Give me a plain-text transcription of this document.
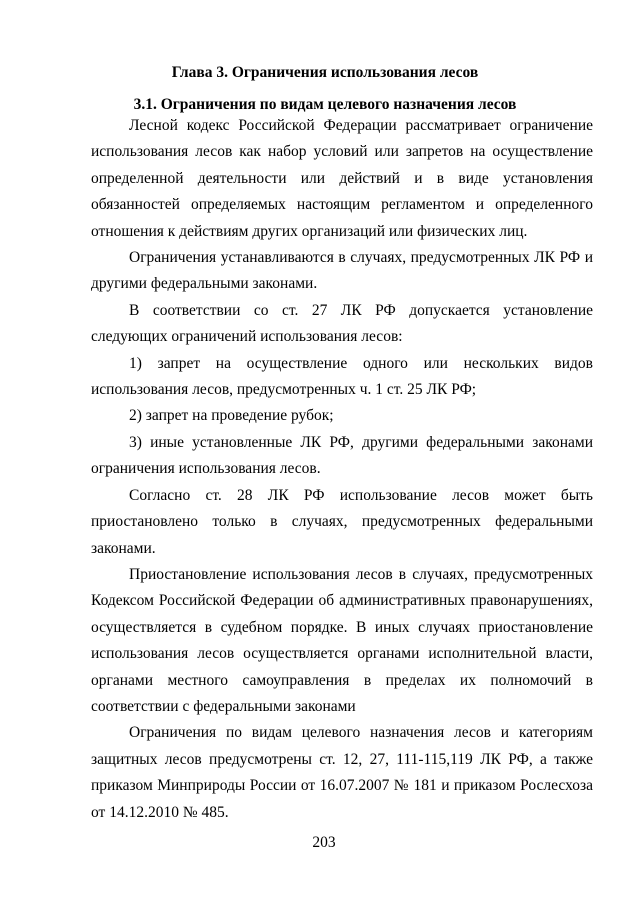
Глава 3. Ограничения использования лесов
3.1. Ограничения по видам целевого назначения лесов

Лесной кодекс Российской Федерации рассматривает ограничение использования лесов как набор условий или запретов на осуществление определенной деятельности или действий и в виде установления обязанностей определяемых настоящим регламентом и определенного отношения к действиям других организаций или физических лиц.

Ограничения устанавливаются в случаях, предусмотренных ЛК РФ и другими федеральными законами.

В соответствии со ст. 27 ЛК РФ допускается установление следующих ограничений использования лесов:

1) запрет на осуществление одного или нескольких видов использования лесов, предусмотренных ч. 1 ст. 25 ЛК РФ;

2) запрет на проведение рубок;

3) иные установленные ЛК РФ, другими федеральными законами ограничения использования лесов.

Согласно ст. 28 ЛК РФ использование лесов может быть приостановлено только в случаях, предусмотренных федеральными законами.

Приостановление использования лесов в случаях, предусмотренных Кодексом Российской Федерации об административных правонарушениях, осуществляется в судебном порядке. В иных случаях приостановление использования лесов осуществляется органами исполнительной власти, органами местного самоуправления в пределах их полномочий в соответствии с федеральными законами

Ограничения по видам целевого назначения лесов и категориям защитных лесов предусмотрены ст. 12, 27, 111-115,119 ЛК РФ, а также приказом Минприроды России от 16.07.2007 № 181 и приказом Рослесхоза от 14.12.2010 № 485.

203
